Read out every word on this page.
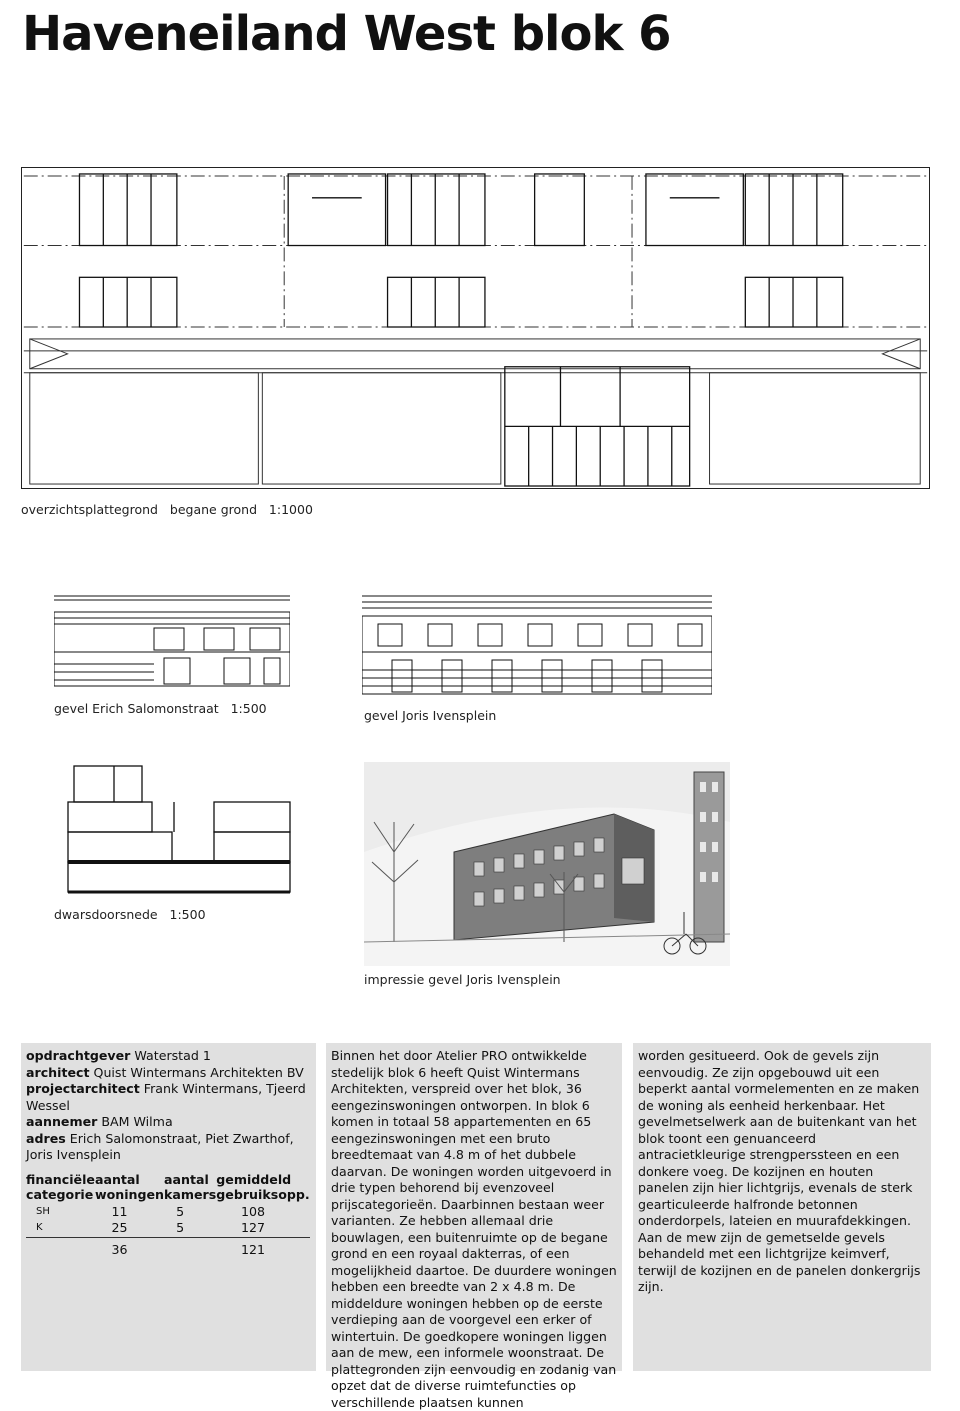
Haveneiland West blok 6
overzichtsplattegrond   begane grond   1:1000
gevel Erich Salomonstraat   1:500	gevel Joris Ivensplein
dwarsdoorsnede   1:500
impressie gevel Joris Ivensplein
opdrachtgever Waterstad 1
architect Quist Wintermans Architekten BV
projectarchitect Frank Wintermans, Tjeerd Wessel
aannemer BAM Wilma
adres Erich Salomonstraat, Piet Zwarthof, Joris Ivensplein
financiële categorie	aantal woningen	aantal kamers	gemiddeld gebruiksopp.
SH	11	5	108
K	25	5	127
	36		121
Binnen het door Atelier PRO ontwikkelde stedelijk blok 6 heeft Quist Wintermans Architekten, verspreid over het blok, 36 eengezinswoningen ontworpen. In blok 6 komen in totaal 58 appartementen en 65 eengezinswoningen met een bruto breedtemaat van 4.8 m of het dubbele daarvan. De woningen worden uitgevoerd in drie typen behorend bij evenzoveel prijscategorieën. Daarbinnen bestaan weer varianten. Ze hebben allemaal drie bouwlagen, een buitenruimte op de begane grond en een royaal dakterras, of een mogelijkheid daartoe. De duurdere woningen hebben een breedte van 2 x 4.8 m. De middeldure woningen hebben op de eerste verdieping aan de voorgevel een erker of wintertuin. De goedkopere woningen liggen aan de mew, een informele woonstraat. De plattegronden zijn eenvoudig en zodanig van opzet dat de diverse ruimtefuncties op verschillende plaatsen kunnen
worden gesitueerd. Ook de gevels zijn eenvoudig. Ze zijn opgebouwd uit een beperkt aantal vormelementen en ze maken de woning als eenheid herkenbaar. Het gevelmetselwerk aan de buitenkant van het blok toont een genuanceerd antracietkleurige strengperssteen en een donkere voeg. De kozijnen en houten panelen zijn hier lichtgrijs, evenals de sterk gearticuleerde halfronde betonnen onderdorpels, lateien en muurafdekkingen. Aan de mew zijn de gemetselde gevels behandeld met een lichtgrijze keimverf, terwijl de kozijnen en de panelen donkergrijs zijn.
